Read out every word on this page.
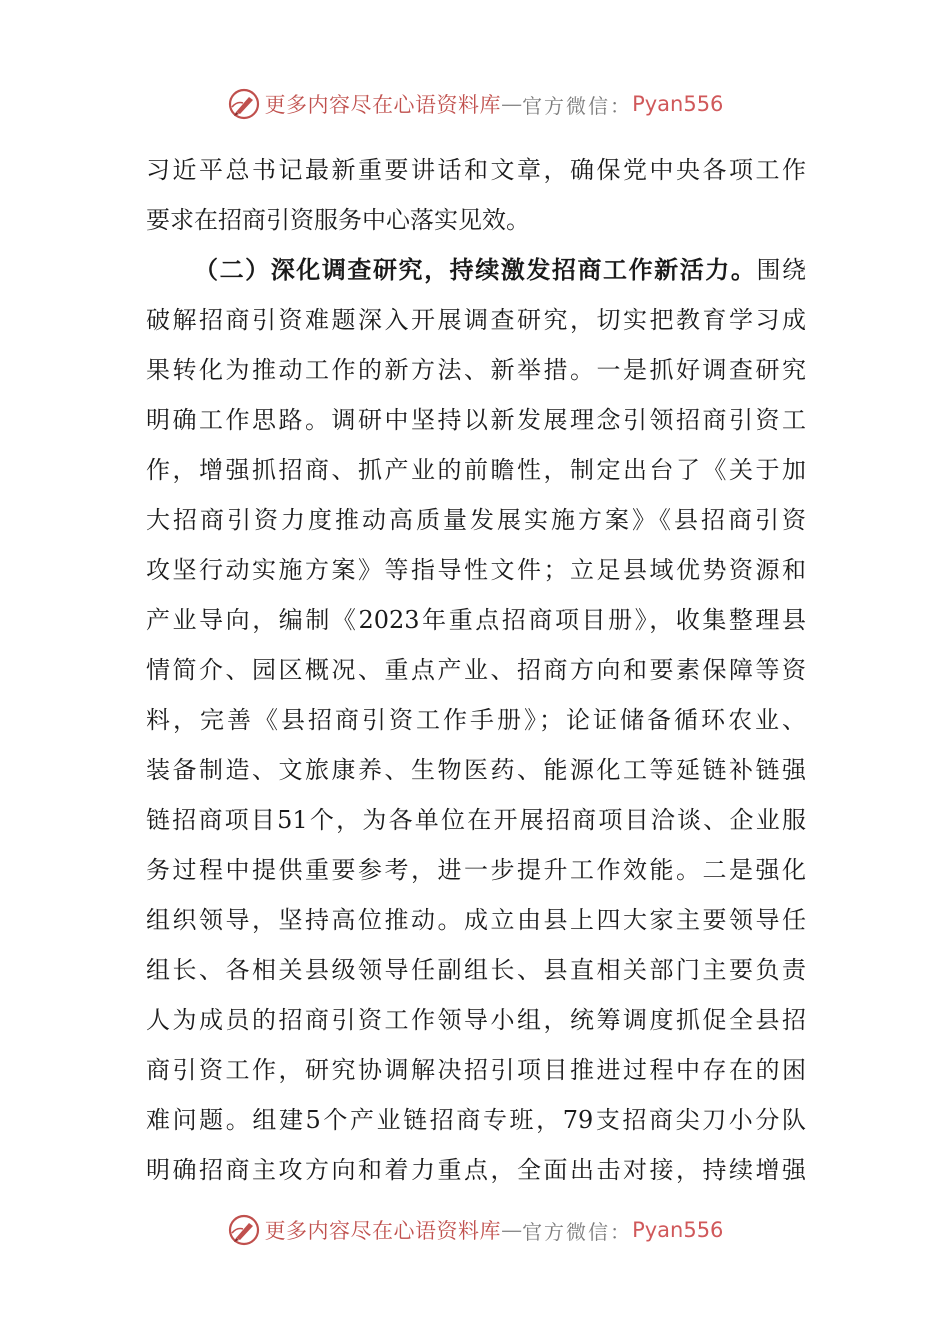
更多内容尽在心语资料库 — 官方微信： Pyan556
习近平总书记最新重要讲话和文章，确保党中央各项工作
要求在招商引资服务中心落实见效。
（二）深化调查研究，持续激发招商工作新活力。围绕
破解招商引资难题深入开展调查研究，切实把教育学习成
果转化为推动工作的新方法、新举措。一是抓好调查研究
明确工作思路。调研中坚持以新发展理念引领招商引资工
作，增强抓招商、抓产业的前瞻性，制定出台了《关于加
大招商引资力度推动高质量发展实施方案》《县招商引资
攻坚行动实施方案》等指导性文件；立足县域优势资源和
产业导向，编制《2023年重点招商项目册》，收集整理县
情简介、园区概况、重点产业、招商方向和要素保障等资
料，完善《县招商引资工作手册》；论证储备循环农业、
装备制造、文旅康养、生物医药、能源化工等延链补链强
链招商项目51个，为各单位在开展招商项目洽谈、企业服
务过程中提供重要参考，进一步提升工作效能。二是强化
组织领导，坚持高位推动。成立由县上四大家主要领导任
组长、各相关县级领导任副组长、县直相关部门主要负责
人为成员的招商引资工作领导小组，统筹调度抓促全县招
商引资工作，研究协调解决招引项目推进过程中存在的困
难问题。组建5个产业链招商专班，79支招商尖刀小分队
明确招商主攻方向和着力重点，全面出击对接，持续增强
更多内容尽在心语资料库 — 官方微信： Pyan556
